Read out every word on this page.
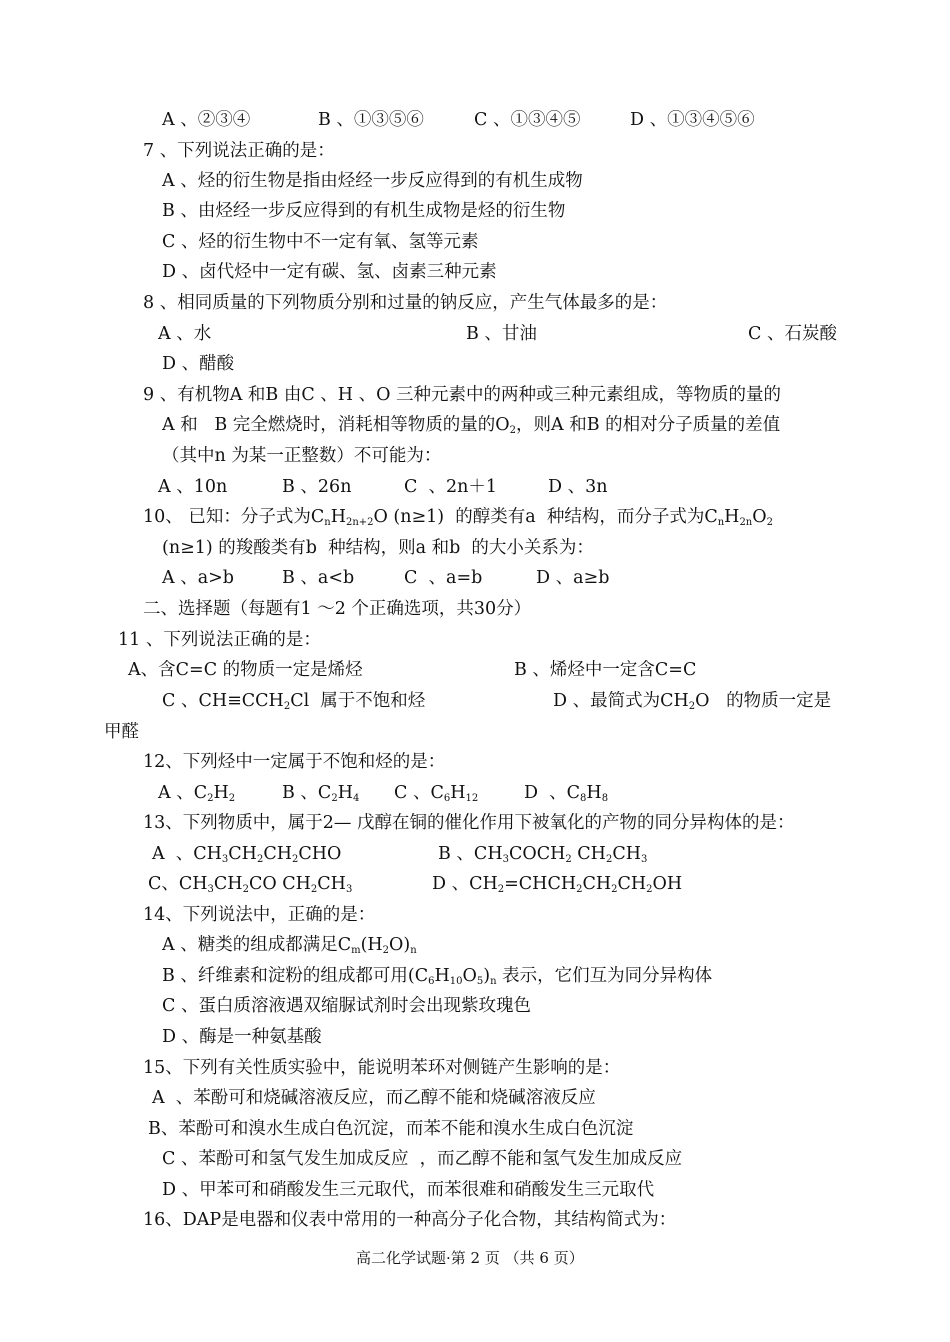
A 、②③④	B 、①③⑤⑥	C 、①③④⑤	D 、①③④⑤⑥
7 、下列说法正确的是：
A 、烃的衍生物是指由烃经一步反应得到的有机生成物
B 、由烃经一步反应得到的有机生成物是烃的衍生物
C 、烃的衍生物中不一定有氧、氢等元素
D 、卤代烃中一定有碳、氢、卤素三种元素
8 、相同质量的下列物质分别和过量的钠反应，产生气体最多的是：
A 、水	B 、甘油	C 、石炭酸
D 、醋酸
9 、有机物A 和B 由C 、H 、O 三种元素中的两种或三种元素组成，等物质的量的
A 和   B 完全燃烧时，消耗相等物质的量的$O_2$，则A 和B 的相对分子质量的差值
（其中n 为某一正整数）不可能为：
A 、10n	B 、26n	C  、2n＋1	D 、3n
10、 已知：分子式为$C_nH_{2n+2}O$ (n≥1)  的醇类有a  种结构，而分子式为$C_nH_{2n}O_2$
(n≥1) 的羧酸类有b  种结构，则a 和b  的大小关系为：
A 、a>b	B 、a<b	C  、a=b	D 、a≥b
二、选择题（每题有1 ～2 个正确选项，共30分）
11 、下列说法正确的是：
A、含C=C 的物质一定是烯烃	B 、烯烃中一定含C=C
C 、$CH\equiv CCH_2Cl$  属于不饱和烃	D 、最简式为$CH_2O$   的物质一定是
甲醛
12、下列烃中一定属于不饱和烃的是：
A 、$C_2H_2$	B 、$C_2H_4$ C 、$C_6H_{12}$	D  、$C_8H_8$
13、下列物质中，属于2— 戊醇在铜的催化作用下被氧化的产物的同分异构体的是：
A  、$CH_3CH_2CH_2CHO$	B 、$CH_3COCH_2$ $CH_2CH_3$
C、$CH_3CH_2CO$ $CH_2CH_3$	D 、$CH_2=CHCH_2CH_2CH_2OH$
14、下列说法中，正确的是：
A 、糖类的组成都满足$C_m(H_2O)_n$
B 、纤维素和淀粉的组成都可用$(C_6H_{10}O_5)_n$ 表示，它们互为同分异构体
C 、蛋白质溶液遇双缩脲试剂时会出现紫玫瑰色
D 、酶是一种氨基酸
15、下列有关性质实验中，能说明苯环对侧链产生影响的是：
A  、苯酚可和烧碱溶液反应，而乙醇不能和烧碱溶液反应
B、苯酚可和溴水生成白色沉淀，而苯不能和溴水生成白色沉淀
C 、苯酚可和氢气发生加成反应  ，而乙醇不能和氢气发生加成反应
D 、甲苯可和硝酸发生三元取代，而苯很难和硝酸发生三元取代
16、DAP是电器和仪表中常用的一种高分子化合物，其结构简式为：
高二化学试题·第 2 页 （共 6 页）
